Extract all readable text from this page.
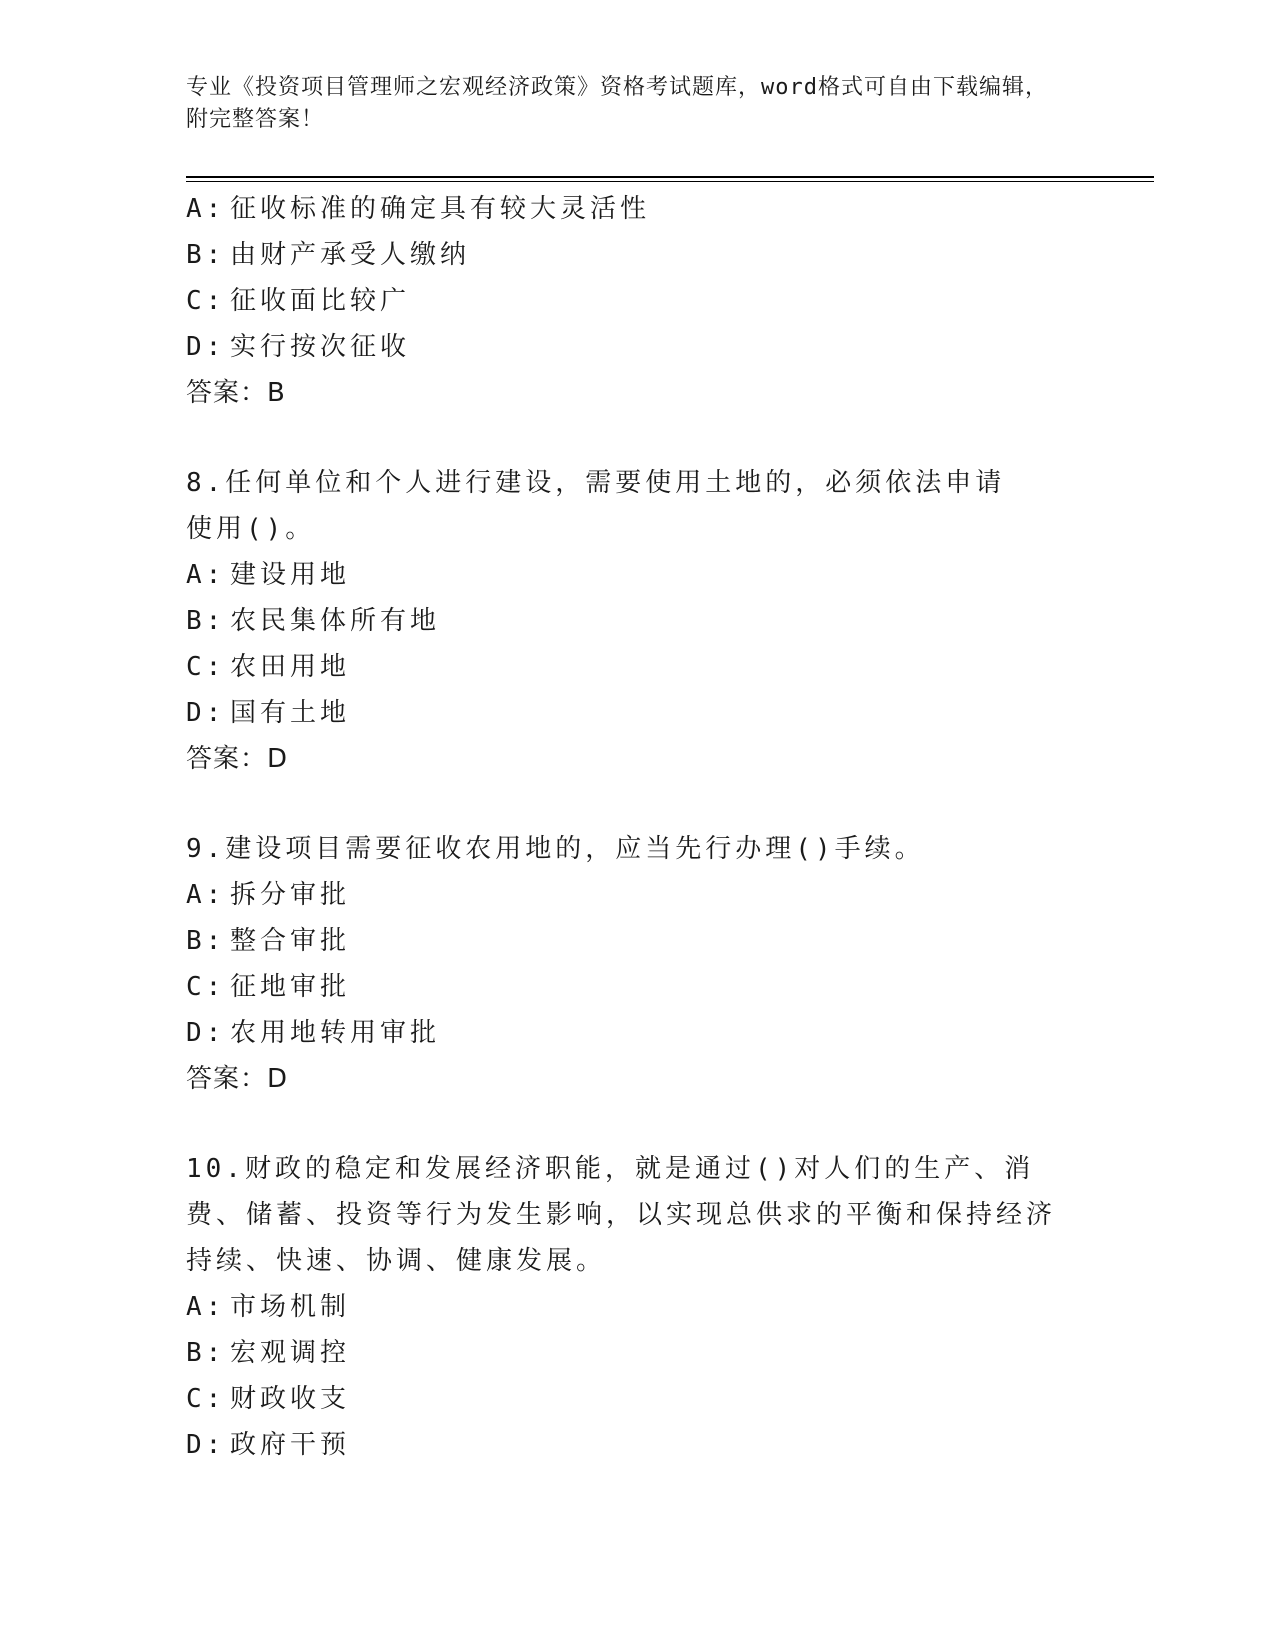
专业《投资项目管理师之宏观经济政策》资格考试题库，word格式可自由下载编辑，附完整答案！
A: 征收标准的确定具有较大灵活性
B: 由财产承受人缴纳
C: 征收面比较广
D: 实行按次征收
答案：B
8.任何单位和个人进行建设，需要使用土地的，必须依法申请使用()。
A: 建设用地
B: 农民集体所有地
C: 农田用地
D: 国有土地
答案：D
9.建设项目需要征收农用地的，应当先行办理()手续。
A: 拆分审批
B: 整合审批
C: 征地审批
D: 农用地转用审批
答案：D
10.财政的稳定和发展经济职能，就是通过()对人们的生产、消费、储蓄、投资等行为发生影响，以实现总供求的平衡和保持经济持续、快速、协调、健康发展。
A: 市场机制
B: 宏观调控
C: 财政收支
D: 政府干预
